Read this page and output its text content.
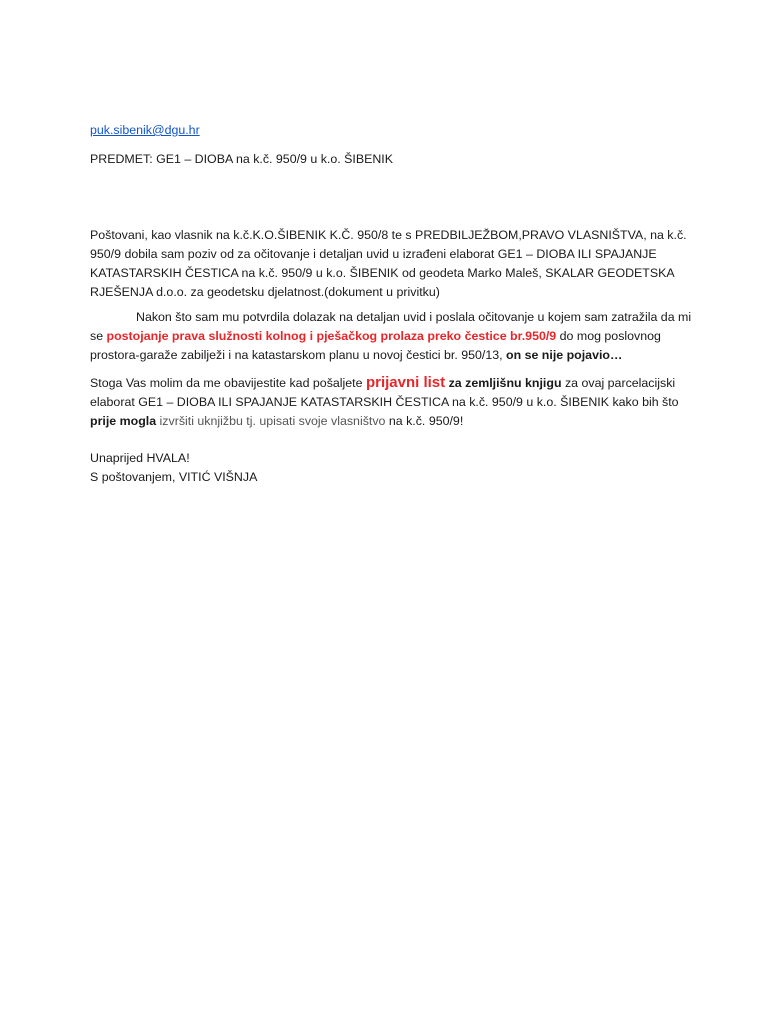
puk.sibenik@dgu.hr
PREDMET: GE1 – DIOBA na k.č. 950/9 u k.o. ŠIBENIK
Poštovani, kao vlasnik na k.č.K.O.ŠIBENIK K.Č. 950/8 te s PREDBILJEŽBOM,PRAVO VLASNIŠTVA, na k.č. 950/9 dobila sam poziv od za očitovanje i detaljan uvid u izrađeni elaborat GE1 – DIOBA ILI SPAJANJE KATASTARSKIH ČESTICA na k.č. 950/9 u k.o. ŠIBENIK od geodeta Marko Maleš, SKALAR GEODETSKA RJEŠENJA d.o.o. za geodetsku djelatnost.(dokument u privitku)
Nakon što sam mu potvrdila dolazak na detaljan uvid i poslala očitovanje u kojem sam zatražila da mi se postojanje prava služnosti kolnog i pješačkog prolaza preko čestice br.950/9 do mog poslovnog prostora-garaže zabilježi i na katastarskom planu u novoj čestici br. 950/13, on se nije pojavio…
Stoga Vas molim da me obavijestite kad pošaljete prijavni list za zemljišnu knjigu za ovaj parcelacijski elaborat GE1 – DIOBA ILI SPAJANJE KATASTARSKIH ČESTICA na k.č. 950/9 u k.o. ŠIBENIK kako bih što prije mogla izvršiti uknjižbu tj. upisati svoje vlasništvo na k.č. 950/9!
Unaprijed HVALA!
S poštovanjem, VITIĆ VIŠNJA
